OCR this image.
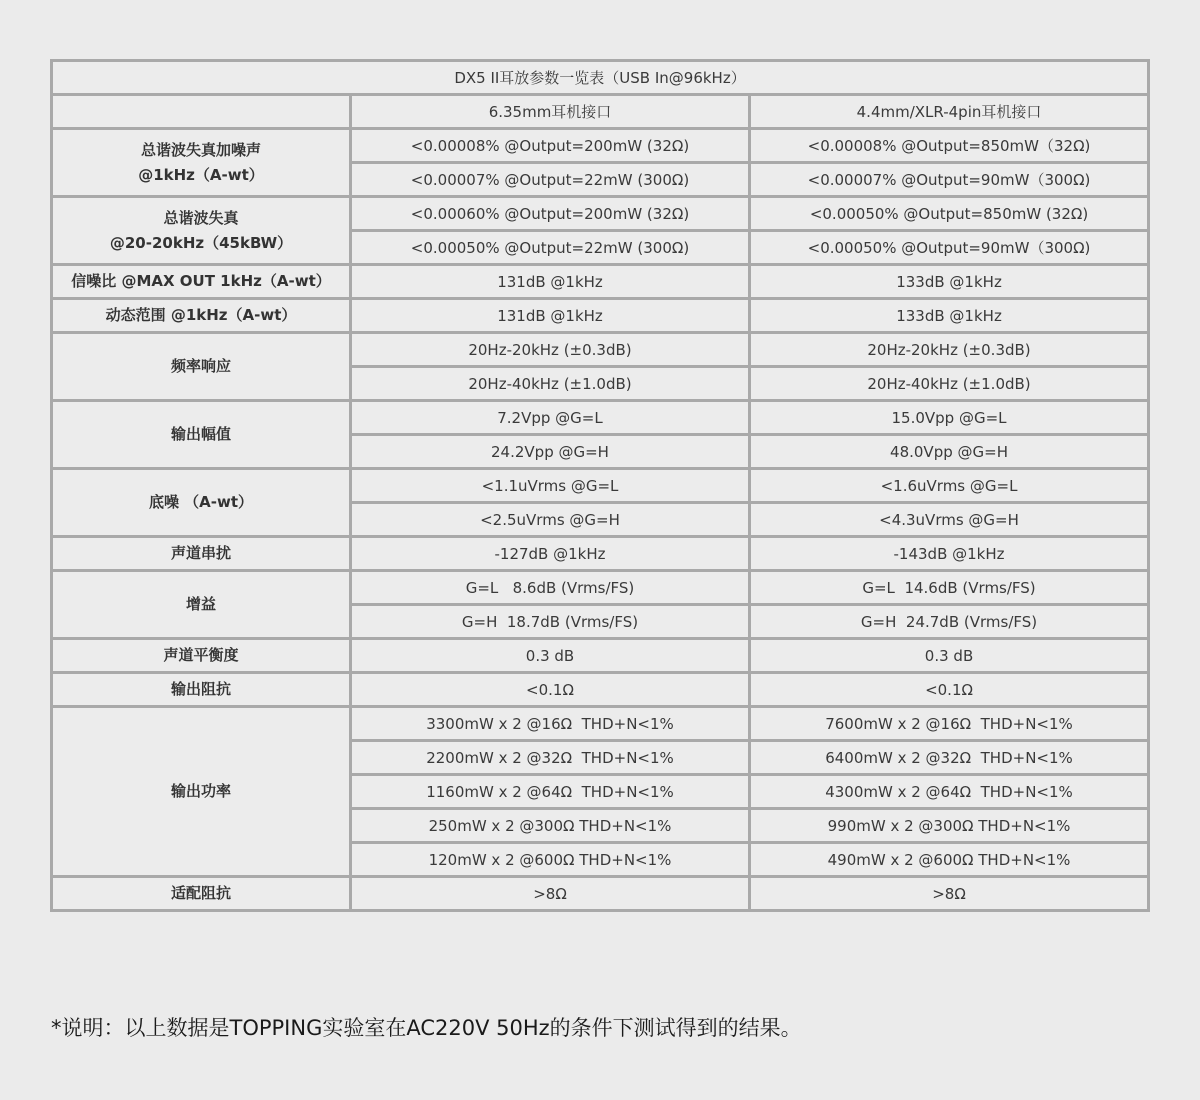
DX5 II耳放参数一览表（USB In@96kHz）		
	6.35mm耳机接口	4.4mm/XLR-4pin耳机接口
总谐波失真加噪声
@1kHz（A-wt）	<0.00008% @Output=200mW (32Ω)	<0.00008% @Output=850mW（32Ω)
	<0.00007% @Output=22mW (300Ω)	<0.00007% @Output=90mW（300Ω)
总谐波失真
@20-20kHz（45kBW）	<0.00060% @Output=200mW (32Ω)	<0.00050% @Output=850mW (32Ω)
	<0.00050% @Output=22mW (300Ω)	<0.00050% @Output=90mW（300Ω)
信噪比 @MAX OUT 1kHz（A-wt）	131dB @1kHz	133dB @1kHz
动态范围 @1kHz（A-wt）	131dB @1kHz	133dB @1kHz
频率响应	20Hz-20kHz (±0.3dB)	20Hz-20kHz (±0.3dB)
	20Hz-40kHz (±1.0dB)	20Hz-40kHz (±1.0dB)
输出幅值	7.2Vpp @G=L	15.0Vpp @G=L
	24.2Vpp @G=H	48.0Vpp @G=H
底噪 （A-wt）	<1.1uVrms @G=L	<1.6uVrms @G=L
	<2.5uVrms @G=H	<4.3uVrms @G=H
声道串扰	-127dB @1kHz	-143dB @1kHz
增益	G=L   8.6dB (Vrms/FS)	G=L  14.6dB (Vrms/FS)
	G=H  18.7dB (Vrms/FS)	G=H  24.7dB (Vrms/FS)
声道平衡度	0.3 dB	0.3 dB
输出阻抗	<0.1Ω	<0.1Ω
输出功率	3300mW x 2 @16Ω  THD+N<1%	7600mW x 2 @16Ω  THD+N<1%
	2200mW x 2 @32Ω  THD+N<1%	6400mW x 2 @32Ω  THD+N<1%
	1160mW x 2 @64Ω  THD+N<1%	4300mW x 2 @64Ω  THD+N<1%
	250mW x 2 @300Ω THD+N<1%	990mW x 2 @300Ω THD+N<1%
	120mW x 2 @600Ω THD+N<1%	490mW x 2 @600Ω THD+N<1%
适配阻抗	>8Ω	>8Ω
*说明：以上数据是TOPPING实验室在AC220V 50Hz的条件下测试得到的结果。
